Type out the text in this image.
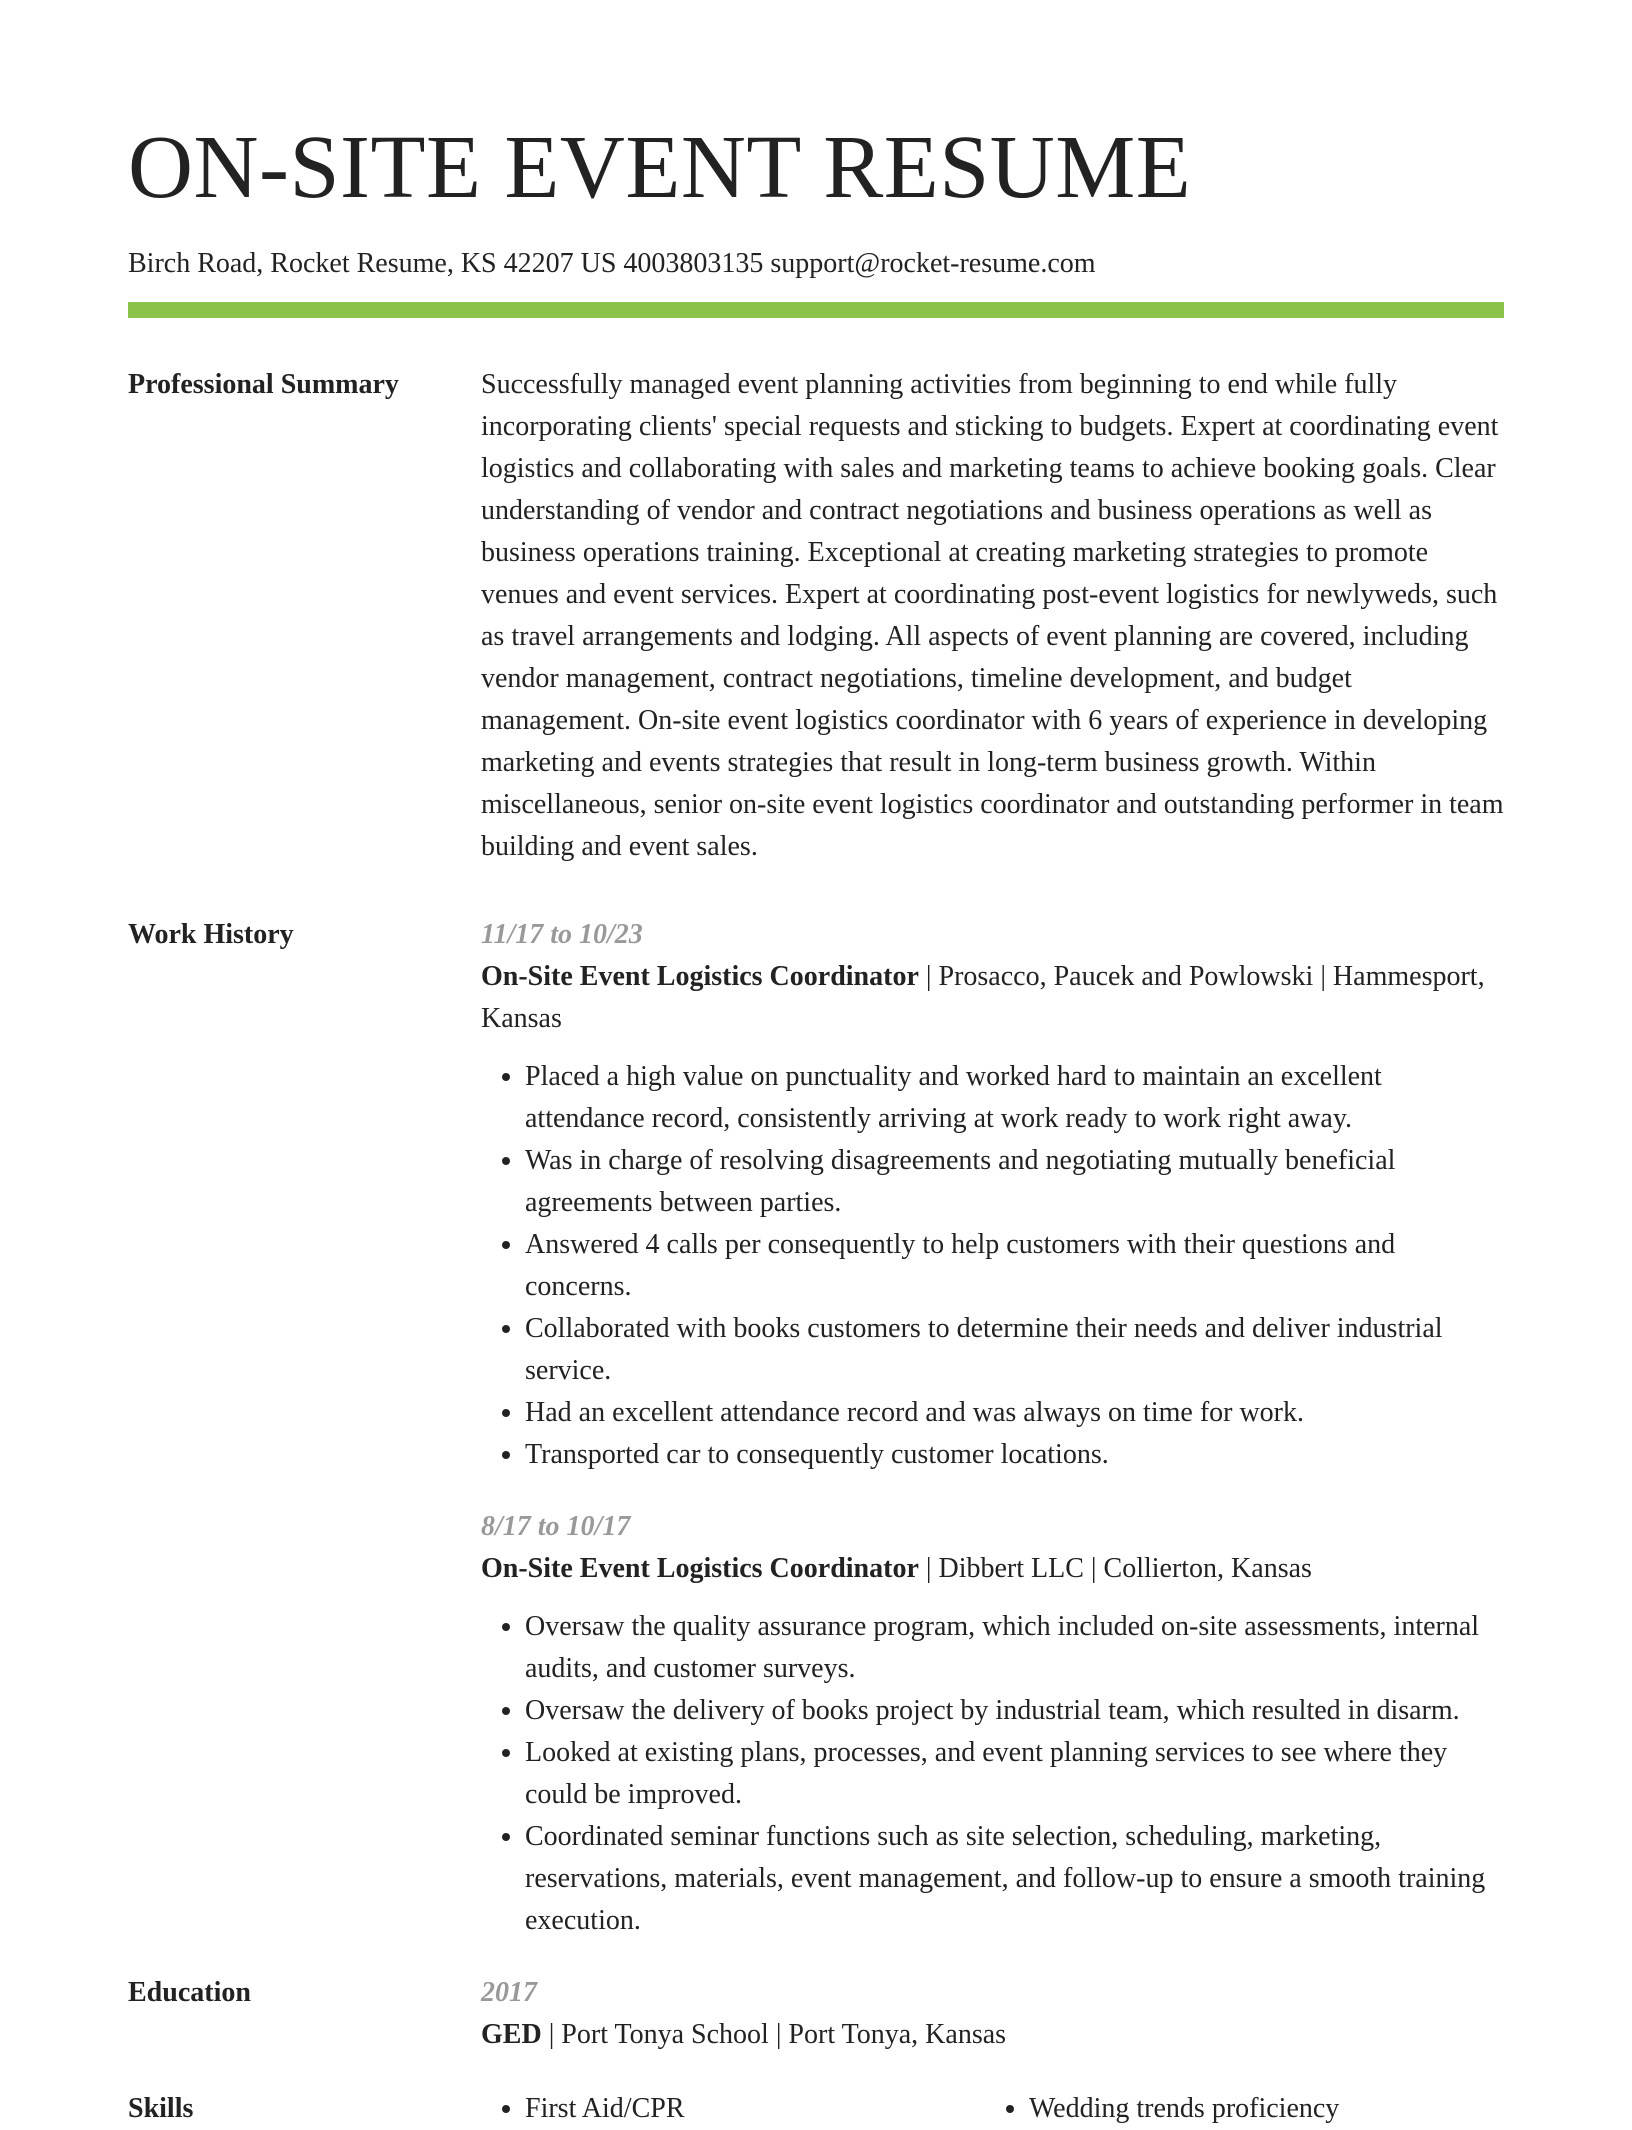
ON-SITE EVENT RESUME
Birch Road, Rocket Resume, KS 42207 US 4003803135 support@rocket-resume.com
Professional Summary	Successfully managed event planning activities from beginning to end while fully incorporating clients' special requests and sticking to budgets. Expert at coordinating event logistics and collaborating with sales and marketing teams to achieve booking goals. Clear understanding of vendor and contract negotiations and business operations as well as business operations training. Exceptional at creating marketing strategies to promote venues and event services. Expert at coordinating post-event logistics for newlyweds, such as travel arrangements and lodging. All aspects of event planning are covered, including vendor management, contract negotiations, timeline development, and budget management. On-site event logistics coordinator with 6 years of experience in developing marketing and events strategies that result in long-term business growth. Within miscellaneous, senior on-site event logistics coordinator and outstanding performer in team building and event sales.

Work History	11/17 to 10/23
On-Site Event Logistics Coordinator | Prosacco, Paucek and Powlowski | Hammesport, Kansas
• Placed a high value on punctuality and worked hard to maintain an excellent attendance record, consistently arriving at work ready to work right away.
• Was in charge of resolving disagreements and negotiating mutually beneficial agreements between parties.
• Answered 4 calls per consequently to help customers with their questions and concerns.
• Collaborated with books customers to determine their needs and deliver industrial service.
• Had an excellent attendance record and was always on time for work.
• Transported car to consequently customer locations.
8/17 to 10/17
On-Site Event Logistics Coordinator | Dibbert LLC | Collierton, Kansas
• Oversaw the quality assurance program, which included on-site assessments, internal audits, and customer surveys.
• Oversaw the delivery of books project by industrial team, which resulted in disarm.
• Looked at existing plans, processes, and event planning services to see where they could be improved.
• Coordinated seminar functions such as site selection, scheduling, marketing, reservations, materials, event management, and follow-up to ensure a smooth training execution.
Education	2017
GED | Port Tonya School | Port Tonya, Kansas
Skills	• First Aid/CPR	• Wedding trends proficiency
